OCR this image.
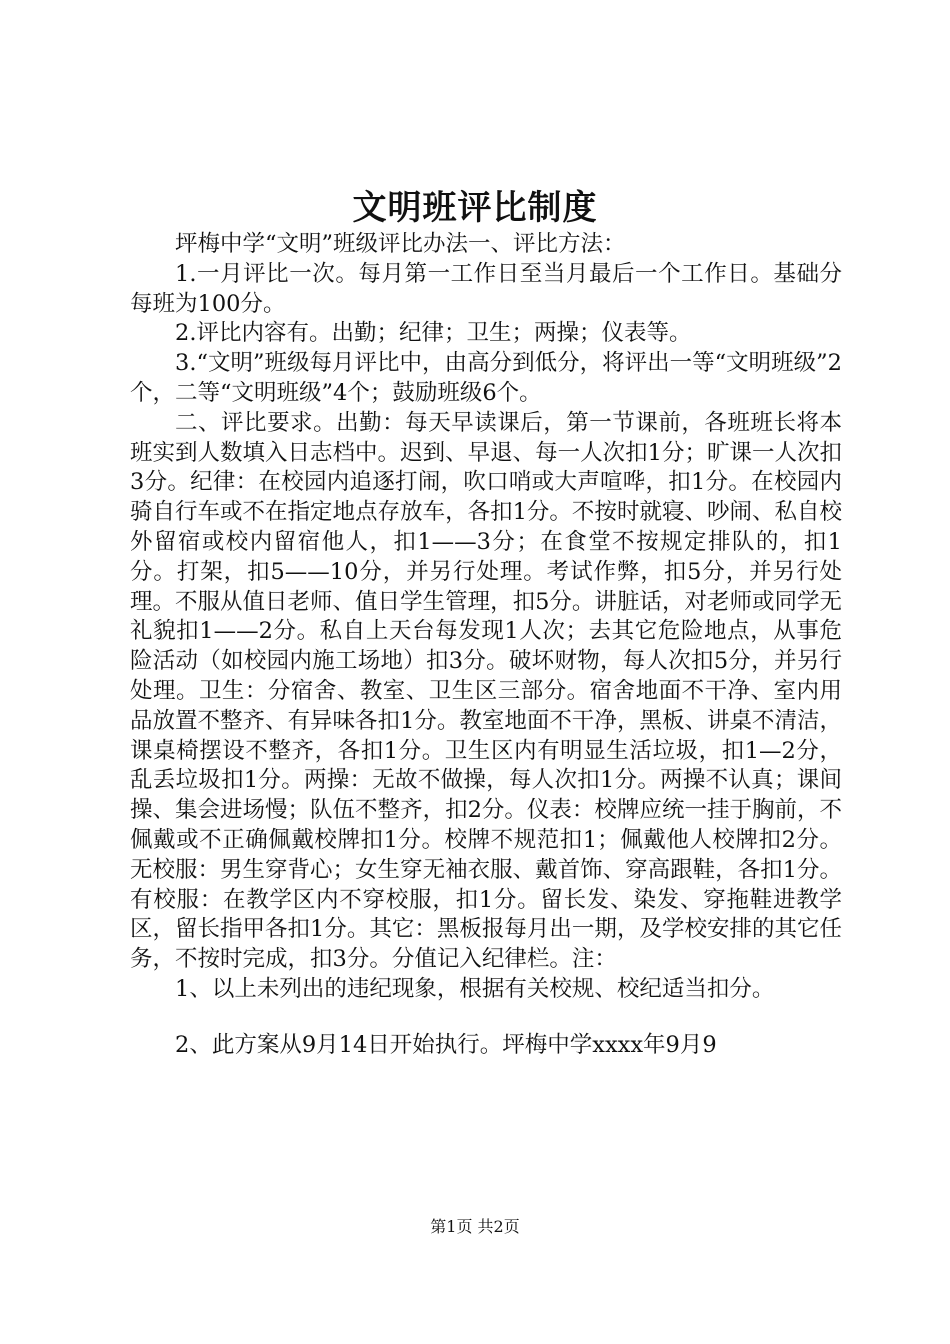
文明班评比制度

坪梅中学“文明”班级评比办法一、评比方法：

1.一月评比一次。每月第一工作日至当月最后一个工作日。基础分每班为100分。

2.评比内容有。出勤；纪律；卫生；两操；仪表等。

3.“文明”班级每月评比中，由高分到低分，将评出一等“文明班级”2个，二等“文明班级”4个；鼓励班级6个。

二、评比要求。出勤：每天早读课后，第一节课前，各班班长将本班实到人数填入日志档中。迟到、早退、每一人次扣1分；旷课一人次扣3分。纪律：在校园内追逐打闹，吹口哨或大声喧哗，扣1分。在校园内骑自行车或不在指定地点存放车，各扣1分。不按时就寝、吵闹、私自校外留宿或校内留宿他人，扣1——3分；在食堂不按规定排队的，扣1分。打架，扣5——10分，并另行处理。考试作弊，扣5分，并另行处理。不服从值日老师、值日学生管理，扣5分。讲脏话，对老师或同学无礼貌扣1——2分。私自上天台每发现1人次；去其它危险地点，从事危险活动（如校园内施工场地）扣3分。破坏财物，每人次扣5分，并另行处理。卫生：分宿舍、教室、卫生区三部分。宿舍地面不干净、室内用品放置不整齐、有异味各扣1分。教室地面不干净，黑板、讲桌不清洁，课桌椅摆设不整齐，各扣1分。卫生区内有明显生活垃圾，扣1—2分，乱丢垃圾扣1分。两操：无故不做操，每人次扣1分。两操不认真；课间操、集会进场慢；队伍不整齐，扣2分。仪表：校牌应统一挂于胸前，不佩戴或不正确佩戴校牌扣1分。校牌不规范扣1；佩戴他人校牌扣2分。无校服：男生穿背心；女生穿无袖衣服、戴首饰、穿高跟鞋，各扣1分。有校服：在教学区内不穿校服，扣1分。留长发、染发、穿拖鞋进教学区，留长指甲各扣1分。其它：黑板报每月出一期，及学校安排的其它任务，不按时完成，扣3分。分值记入纪律栏。注：

1、以上未列出的违纪现象，根据有关校规、校纪适当扣分。

2、此方案从9月14日开始执行。坪梅中学xxxx年9月9

第1页 共2页
